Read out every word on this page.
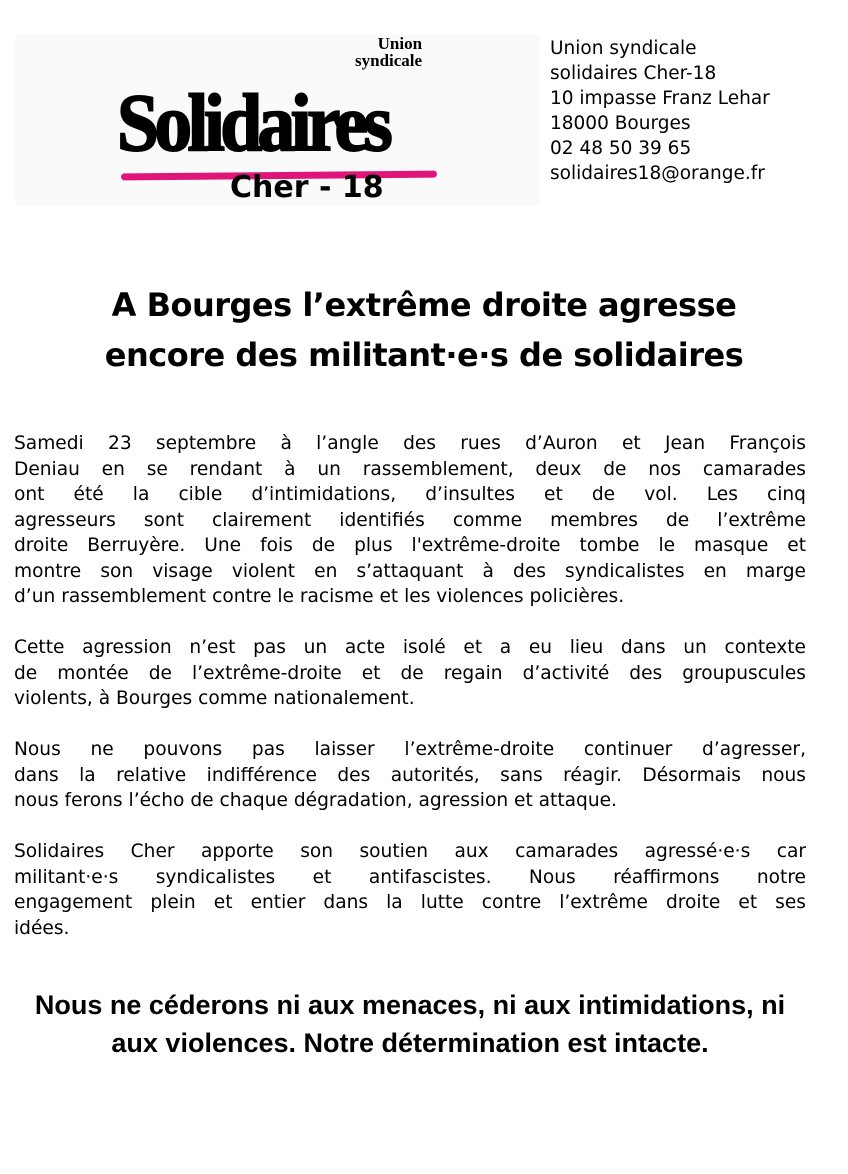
Union
syndicale
Solidaires
Cher - 18
Union syndicale
solidaires Cher-18
10 impasse Franz Lehar
18000 Bourges
02 48 50 39 65
solidaires18@orange.fr
A Bourges l’extrême droite agresse
encore des militant·e·s de solidaires
Samedi 23 septembre à l’angle des rues d’Auron et Jean François
Deniau en se rendant à un rassemblement, deux de nos camarades
ont été la cible d’intimidations, d’insultes et de vol. Les cinq
agresseurs sont clairement identifiés comme membres de l’extrême
droite Berruyère. Une fois de plus l'extrême-droite tombe le masque et
montre son visage violent en s’attaquant à des syndicalistes en marge
d’un rassemblement contre le racisme et les violences policières.
Cette agression n’est pas un acte isolé et a eu lieu dans un contexte
de montée de l’extrême-droite et de regain d’activité des groupuscules
violents, à Bourges comme nationalement.
Nous ne pouvons pas laisser l’extrême-droite continuer d’agresser,
dans la relative indifférence des autorités, sans réagir. Désormais nous
nous ferons l’écho de chaque dégradation, agression et attaque.
Solidaires Cher apporte son soutien aux camarades agressé·e·s car
militant·e·s syndicalistes et antifascistes. Nous réaffirmons notre
engagement plein et entier dans la lutte contre l’extrême droite et ses
idées.
Nous ne céderons ni aux menaces, ni aux intimidations, ni
aux violences. Notre détermination est intacte.
